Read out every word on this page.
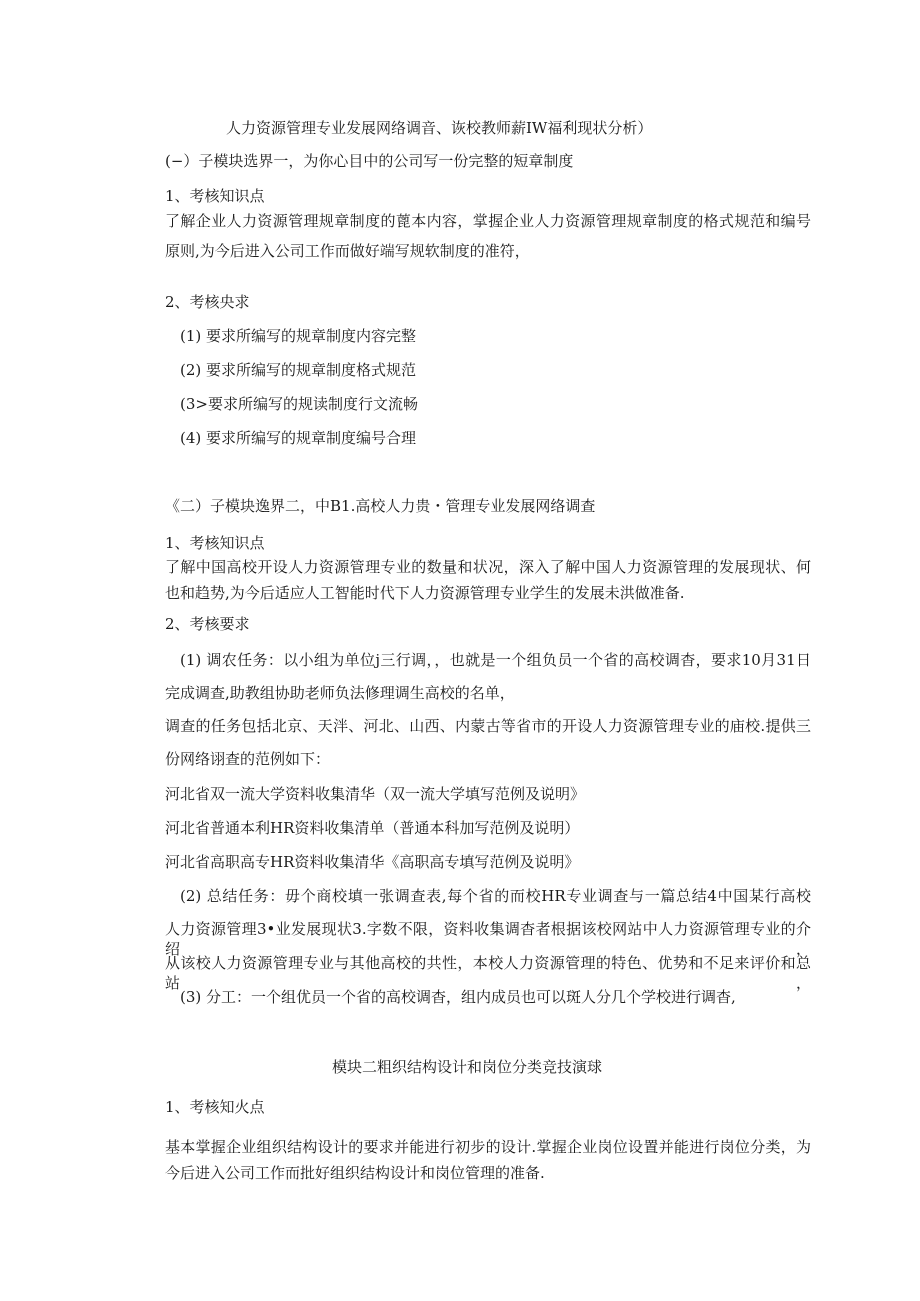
人力资源管理专业发展网络调音、诙校教师薪IW福利现状分析）

(−）子模块选界一，为你心目中的公司写一份完整的短章制度

1、考核知识点

了解企业人力资源管理规章制度的蓖本内容，掌握企业人力资源管理规章制度的格式规范和编号

原则,为今后进入公司工作而做好端写规软制度的准符，

2、考核央求

(1) 要求所编写的规章制度内容完整

(2) 要求所编写的规章制度格式规范

(3>要求所编写的规读制度行文流畅

(4) 要求所编写的规章制度编号合理

《二）子模块逸界二，中B1.高校人力贵・管理专业发展网络调查

1、考核知识点

了解中国高校开设人力资源管理专业的数量和状况，深入了解中国人力资源管理的发展现状、何

也和趋势,为今后适应人工智能时代下人力资源管理专业学生的发展未洪做准备.

2、考核要求

(1) 调农任务：以小组为单位j三行调，，也就是一个组负员一个省的高校调杳，要求10月31日

完成调查,助教组协助老师负法修理调生高校的名单，

调查的任务包括北京、天泮、河北、山西、内蒙古等省市的开设人力资源管理专业的庙校.提供三

份网络诩查的范例如下：

河北省双一流大学资料收集清华（双一流大学填写范例及说明》

河北省普通本利HR资料收集清单（普通本科加写范例及说明）

河北省高职高专HR资料收集清华《高职高专填写范例及说明》

(2) 总结任务：毋个商校填一张调查表,每个省的而校HR专业调查与一篇总结4中国某行高校

人力资源管理3•业发展现状3.字数不限，资料收集调杳者根据该校网站中人力资源管理专业的介绍，

从该校人力资源管理专业与其他高校的共性，本校人力资源管理的特色、优势和不足来评价和总站，

(3) 分工：一个组优员一个省的高校调杳，组内成员也可以斑人分几个学校进行调杳,

模块二粗织结构设计和岗位分类竞技演球

1、考核知火点

基本掌握企业组织结构设计的要求并能进行初步的设计.掌握企业岗位设置并能进行岗位分类，为

今后进入公司工作而批好组织结构设计和岗位管理的准备.
